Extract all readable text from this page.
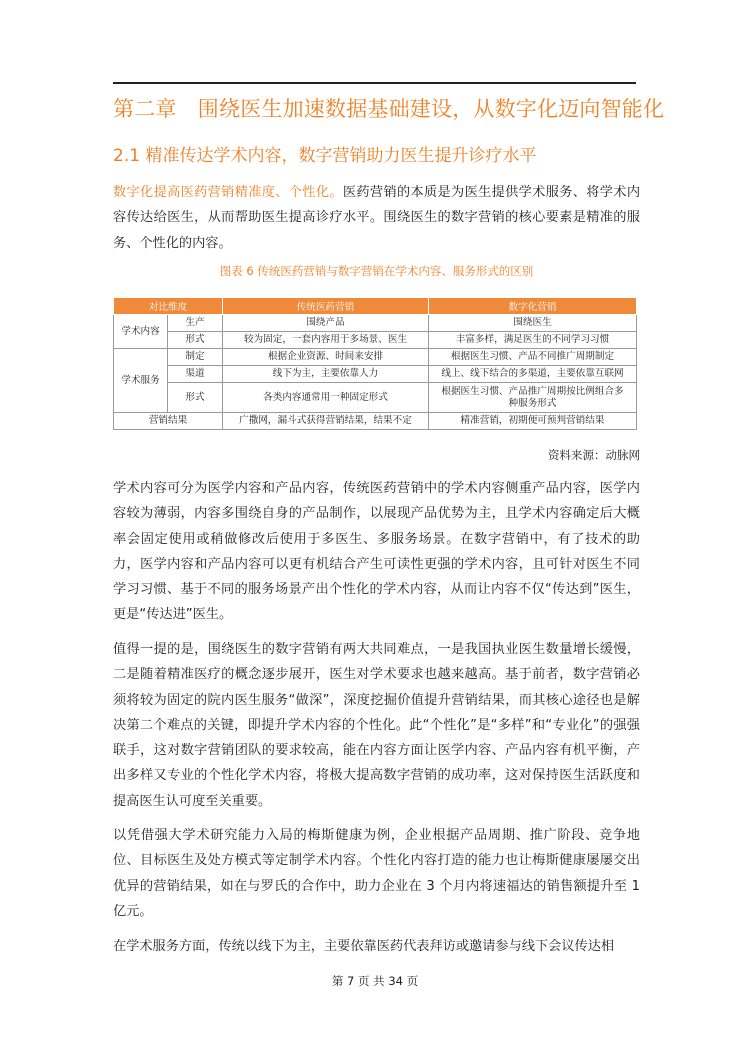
第二章　围绕医生加速数据基础建设，从数字化迈向智能化
2.1 精准传达学术内容，数字营销助力医生提升诊疗水平
数字化提高医药营销精准度、个性化。医药营销的本质是为医生提供学术服务、将学术内容传达给医生，从而帮助医生提高诊疗水平。围绕医生的数字营销的核心要素是精准的服务、个性化的内容。
图表 6 传统医药营销与数字营销在学术内容、服务形式的区别
对比维度		传统医药营销	数字化营销
学术内容	生产	围绕产品	围绕医生
	形式	较为固定，一套内容用于多场景、医生	丰富多样，满足医生的不同学习习惯
学术服务	制定	根据企业资源、时间来安排	根据医生习惯、产品不同推广周期制定
	渠道	线下为主，主要依靠人力	线上、线下结合的多渠道，主要依靠互联网
	形式	各类内容通常用一种固定形式	根据医生习惯、产品推广周期按比例组合多种服务形式
营销结果		广撒网，漏斗式获得营销结果，结果不定	精准营销，初期便可预判营销结果
资料来源：动脉网
学术内容可分为医学内容和产品内容，传统医药营销中的学术内容侧重产品内容，医学内容较为薄弱，内容多围绕自身的产品制作，以展现产品优势为主，且学术内容确定后大概率会固定使用或稍做修改后使用于多医生、多服务场景。在数字营销中，有了技术的助力，医学内容和产品内容可以更有机结合产生可读性更强的学术内容，且可针对医生不同学习习惯、基于不同的服务场景产出个性化的学术内容，从而让内容不仅“传达到”医生，更是“传达进”医生。
值得一提的是，围绕医生的数字营销有两大共同难点，一是我国执业医生数量增长缓慢，二是随着精准医疗的概念逐步展开，医生对学术要求也越来越高。基于前者，数字营销必须将较为固定的院内医生服务“做深”，深度挖掘价值提升营销结果，而其核心途径也是解决第二个难点的关键，即提升学术内容的个性化。此“个性化”是“多样”和“专业化”的强强联手，这对数字营销团队的要求较高，能在内容方面让医学内容、产品内容有机平衡，产出多样又专业的个性化学术内容，将极大提高数字营销的成功率，这对保持医生活跃度和提高医生认可度至关重要。
以凭借强大学术研究能力入局的梅斯健康为例，企业根据产品周期、推广阶段、竞争地位、目标医生及处方模式等定制学术内容。个性化内容打造的能力也让梅斯健康屡屡交出优异的营销结果，如在与罗氏的合作中，助力企业在 3 个月内将速福达的销售额提升至 1 亿元。
在学术服务方面，传统以线下为主，主要依靠医药代表拜访或邀请参与线下会议传达相
第 7 页 共 34 页
